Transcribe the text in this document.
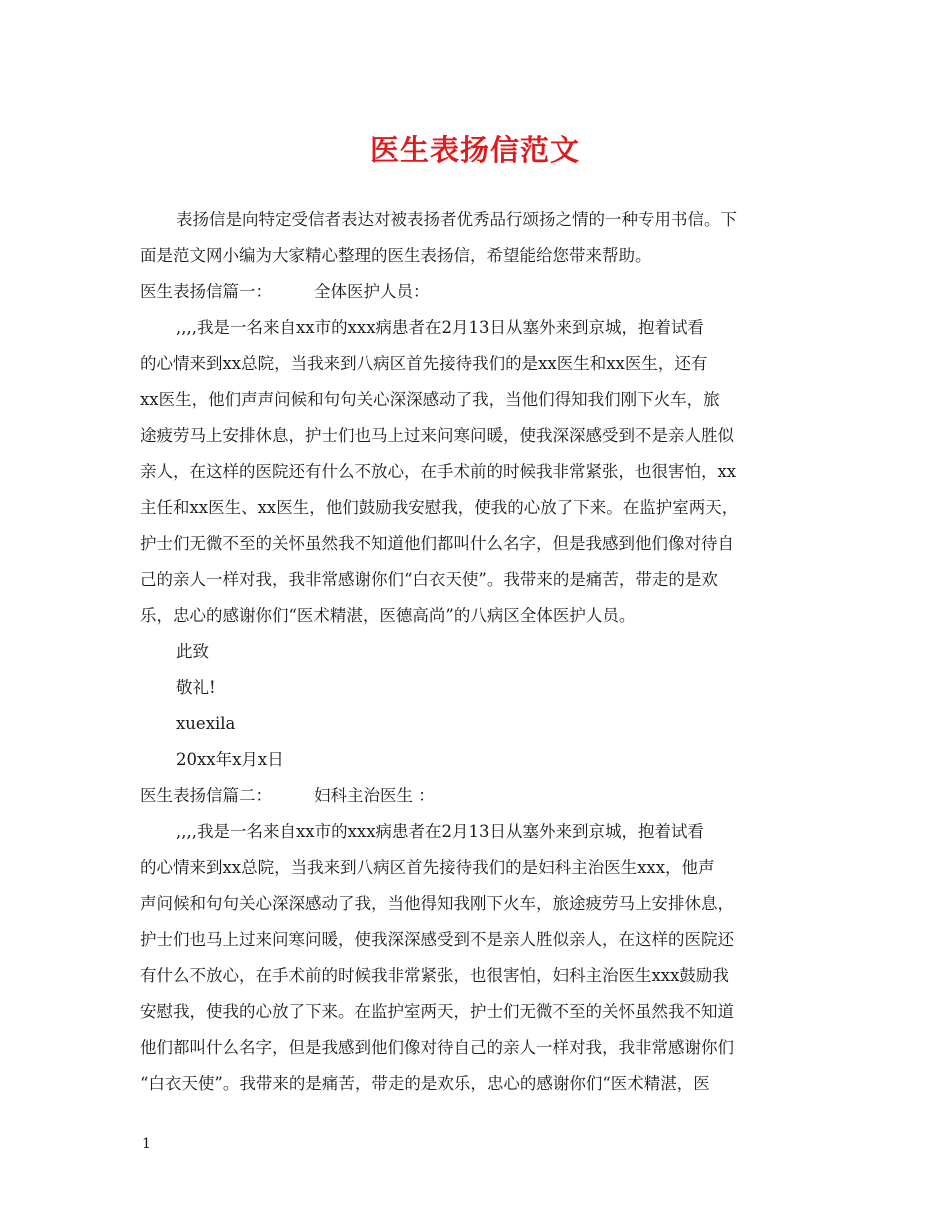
医生表扬信范文
表扬信是向特定受信者表达对被表扬者优秀品行颂扬之情的一种专用书信。下
面是范文网小编为大家精心整理的医生表扬信，希望能给您带来帮助。
医生表扬信篇一：        全体医护人员：
,,,,我是一名来自xx市的xxx病患者在2月13日从塞外来到京城，抱着试看
的心情来到xx总院，当我来到八病区首先接待我们的是xx医生和xx医生，还有
xx医生，他们声声问候和句句关心深深感动了我，当他们得知我们刚下火车，旅
途疲劳马上安排休息，护士们也马上过来问寒问暖，使我深深感受到不是亲人胜似
亲人，在这样的医院还有什么不放心，在手术前的时候我非常紧张，也很害怕，xx
主任和xx医生、xx医生，他们鼓励我安慰我，使我的心放了下来。在监护室两天，
护士们无微不至的关怀虽然我不知道他们都叫什么名字，但是我感到他们像对待自
己的亲人一样对我，我非常感谢你们“白衣天使”。我带来的是痛苦，带走的是欢
乐，忠心的感谢你们“医术精湛，医德高尚”的八病区全体医护人员。
此致
敬礼!
xuexila
20xx年x月x日
医生表扬信篇二：        妇科主治医生 ：
,,,,我是一名来自xx市的xxx病患者在2月13日从塞外来到京城，抱着试看
的心情来到xx总院，当我来到八病区首先接待我们的是妇科主治医生xxx，他声
声问候和句句关心深深感动了我，当他得知我刚下火车，旅途疲劳马上安排休息，
护士们也马上过来问寒问暖，使我深深感受到不是亲人胜似亲人，在这样的医院还
有什么不放心，在手术前的时候我非常紧张，也很害怕，妇科主治医生xxx鼓励我
安慰我，使我的心放了下来。在监护室两天，护士们无微不至的关怀虽然我不知道
他们都叫什么名字，但是我感到他们像对待自己的亲人一样对我，我非常感谢你们
“白衣天使”。我带来的是痛苦，带走的是欢乐，忠心的感谢你们“医术精湛，医
1
